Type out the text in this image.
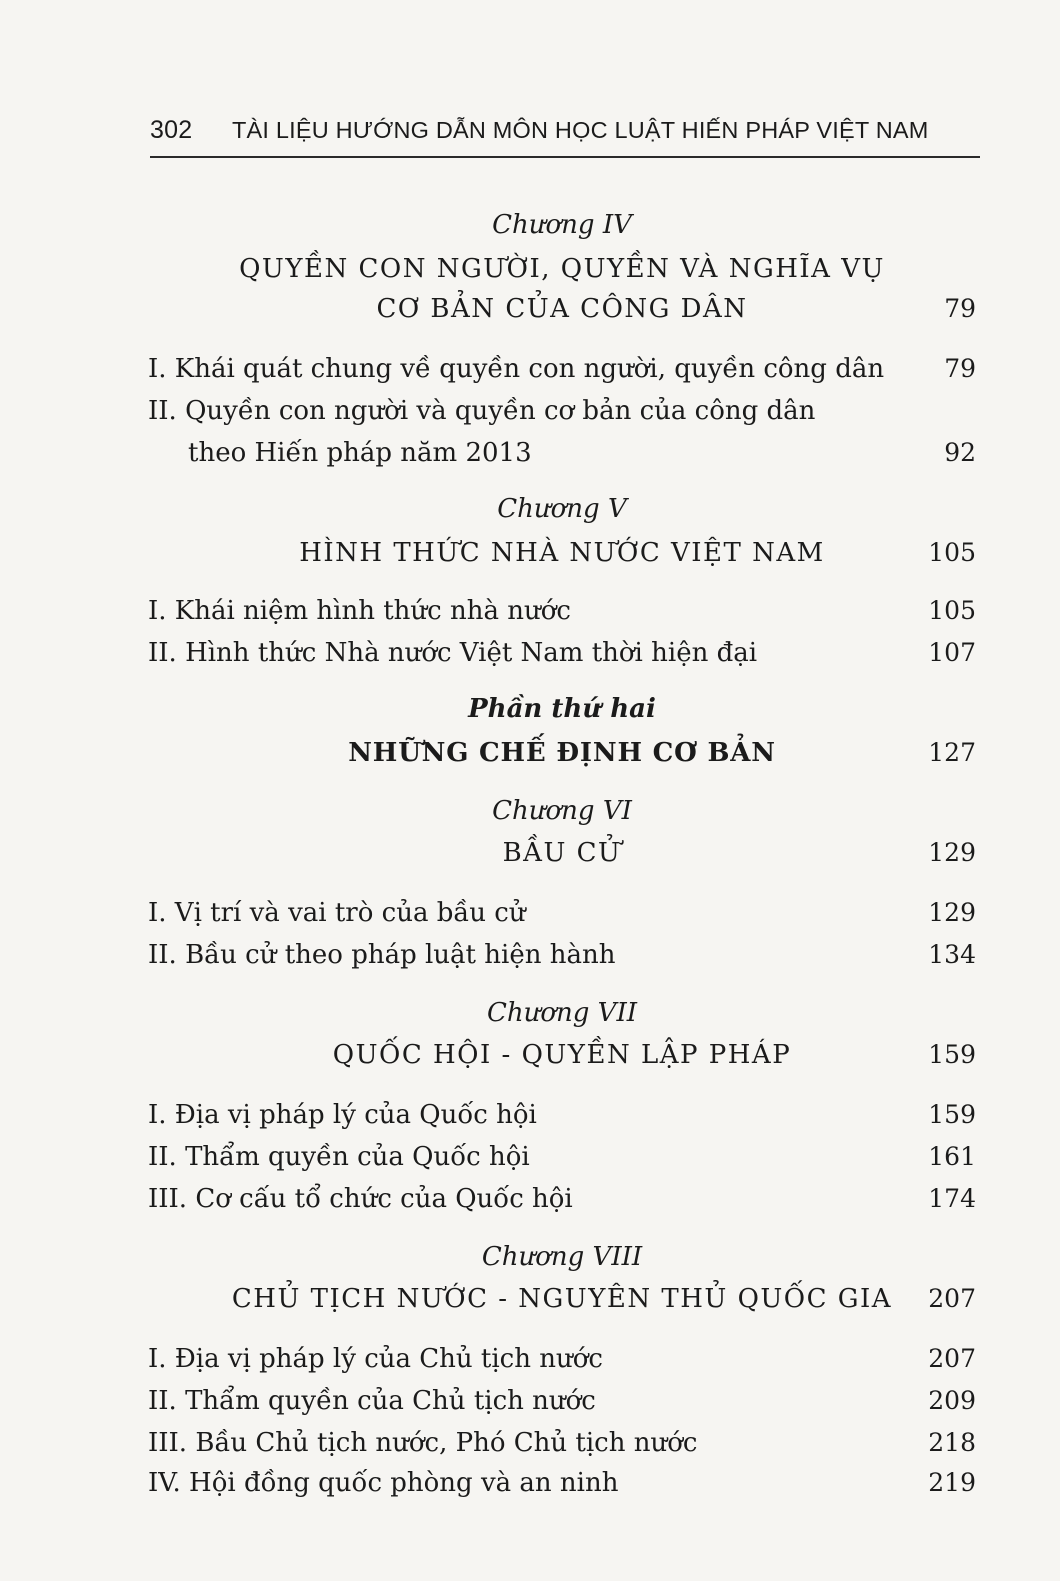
302 TÀI LIỆU HƯỚNG DẪN MÔN HỌC LUẬT HIẾN PHÁP VIỆT NAM
Chương IV
QUYỀN CON NGƯỜI, QUYỀN VÀ NGHĨA VỤ
CƠ BẢN CỦA CÔNG DÂN	79
I. Khái quát chung về quyền con người, quyền công dân 79
II. Quyền con người và quyền cơ bản của công dân
theo Hiến pháp năm 2013	92
Chương V
HÌNH THỨC NHÀ NƯỚC VIỆT NAM	105
I. Khái niệm hình thức nhà nước	105
II. Hình thức Nhà nước Việt Nam thời hiện đại	107
Phần thứ hai
NHỮNG CHẾ ĐỊNH CƠ BẢN	127
Chương VI
BẦU CỬ	129
I. Vị trí và vai trò của bầu cử	129
II. Bầu cử theo pháp luật hiện hành	134
Chương VII
QUỐC HỘI - QUYỀN LẬP PHÁP	159
I. Địa vị pháp lý của Quốc hội	159
II. Thẩm quyền của Quốc hội	161
III. Cơ cấu tổ chức của Quốc hội	174
Chương VIII
CHỦ TỊCH NƯỚC - NGUYÊN THỦ QUỐC GIA	207
I. Địa vị pháp lý của Chủ tịch nước	207
II. Thẩm quyền của Chủ tịch nước	209
III. Bầu Chủ tịch nước, Phó Chủ tịch nước	218
IV. Hội đồng quốc phòng và an ninh	219
